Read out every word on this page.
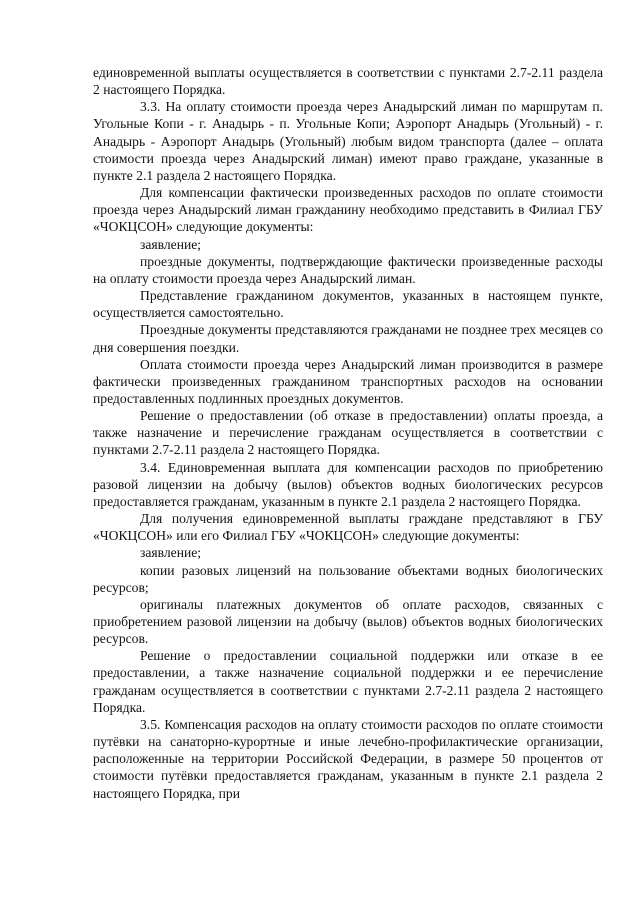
единовременной выплаты осуществляется в соответствии с пунктами 2.7-2.11 раздела 2 настоящего Порядка.

3.3. На оплату стоимости проезда через Анадырский лиман по маршрутам п. Угольные Копи - г. Анадырь - п. Угольные Копи; Аэропорт Анадырь (Угольный) - г. Анадырь - Аэропорт Анадырь (Угольный) любым видом транспорта (далее – оплата стоимости проезда через Анадырский лиман) имеют право граждане, указанные в пункте 2.1 раздела 2 настоящего Порядка.

Для компенсации фактически произведенных расходов по оплате стоимости проезда через Анадырский лиман гражданину необходимо представить в Филиал ГБУ «ЧОКЦСОН» следующие документы:

заявление;

проездные документы, подтверждающие фактически произведенные расходы на оплату стоимости проезда через Анадырский лиман.

Представление гражданином документов, указанных в настоящем пункте, осуществляется самостоятельно.

Проездные документы представляются гражданами не позднее трех месяцев со дня совершения поездки.

Оплата стоимости проезда через Анадырский лиман производится в размере фактически произведенных гражданином транспортных расходов на основании предоставленных подлинных проездных документов.

Решение о предоставлении (об отказе в предоставлении) оплаты проезда, а также назначение и перечисление гражданам осуществляется в соответствии с пунктами 2.7-2.11 раздела 2 настоящего Порядка.

3.4. Единовременная выплата для компенсации расходов по приобретению разовой лицензии на добычу (вылов) объектов водных биологических ресурсов предоставляется гражданам, указанным в пункте 2.1 раздела 2 настоящего Порядка.

Для получения единовременной выплаты граждане представляют в ГБУ «ЧОКЦСОН» или его Филиал ГБУ «ЧОКЦСОН» следующие документы:

заявление;

копии разовых лицензий на пользование объектами водных биологических ресурсов;

оригиналы платежных документов об оплате расходов, связанных с приобретением разовой лицензии на добычу (вылов) объектов водных биологических ресурсов.

Решение о предоставлении социальной поддержки или отказе в ее предоставлении, а также назначение социальной поддержки и ее перечисление гражданам осуществляется в соответствии с пунктами 2.7-2.11 раздела 2 настоящего Порядка.

3.5. Компенсация расходов на оплату стоимости расходов по оплате стоимости путёвки на санаторно-курортные и иные лечебно-профилактические организации, расположенные на территории Российской Федерации, в размере 50 процентов от стоимости путёвки предоставляется гражданам, указанным в пункте 2.1 раздела 2 настоящего Порядка, при
